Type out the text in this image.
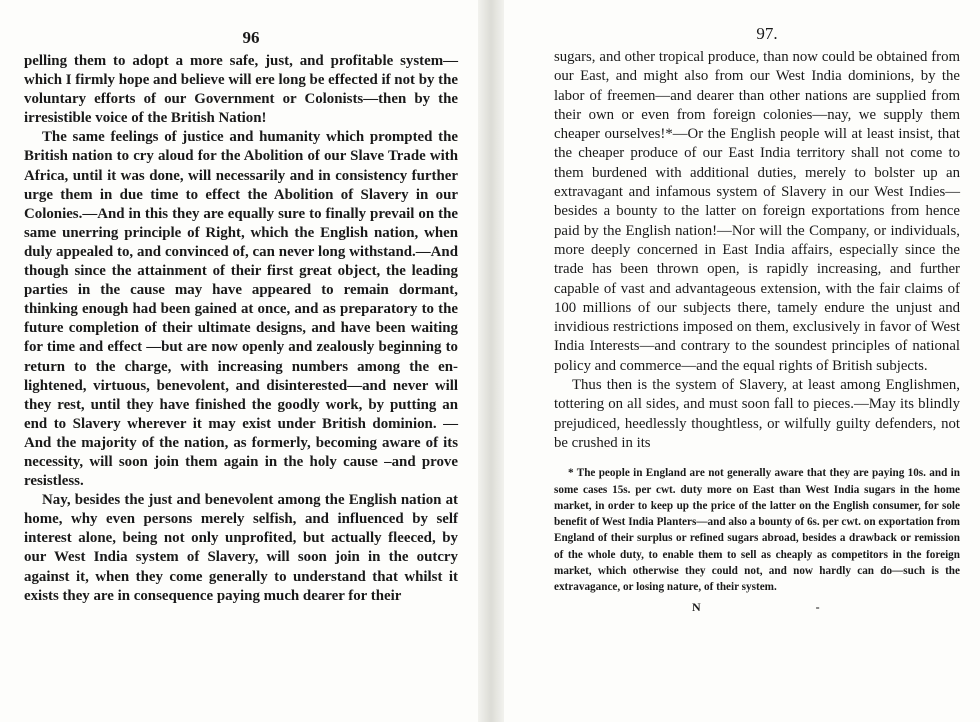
96

pelling them to adopt a more safe, just, and profitable system—which I firmly hope and believe will ere long be effected if not by the voluntary efforts of our Government or Colonists—then by the irresistible voice of the British Nation!

The same feelings of justice and humanity which prompted the British nation to cry aloud for the Abolition of our Slave Trade with Africa, until it was done, will necessarily and in consistency further urge them in due time to effect the Abolition of Slavery in our Colonies.—And in this they are equally sure to finally prevail on the same unerring principle of Right, which the English nation, when duly appealed to, and convinced of, can never long withstand.—And though since the attainment of their first great object, the leading parties in the cause may have appeared to remain dormant, thinking enough had been gained at once, and as preparatory to the future completion of their ultimate designs, and have been waiting for time and effect —but are now openly and zealously beginning to return to the charge, with increasing numbers among the enlightened, virtuous, benevolent, and disinterested—and never will they rest, until they have finished the goodly work, by putting an end to Slavery wherever it may exist under British dominion. — And the majority of the nation, as formerly, becoming aware of its necessity, will soon join them again in the holy cause –and prove resistless.

Nay, besides the just and benevolent among the English nation at home, why even persons merely selfish, and influenced by self interest alone, being not only unprofited, but actually fleeced, by our West India system of Slavery, will soon join in the outcry against it, when they come generally to understand that whilst it exists they are in consequence paying much dearer for their

97.

sugars, and other tropical produce, than now could be obtained from our East, and might also from our West India dominions, by the labor of freemen—and dearer than other nations are supplied from their own or even from foreign colonies—nay, we supply them cheaper ourselves!*—Or the English people will at least insist, that the cheaper produce of our East India territory shall not come to them burdened with additional duties, merely to bolster up an extravagant and infamous system of Slavery in our West Indies—besides a bounty to the latter on foreign exportations from hence paid by the English nation!—Nor will the Company, or individuals, more deeply concerned in East India affairs, especially since the trade has been thrown open, is rapidly increasing, and further capable of vast and advantageous extension, with the fair claims of 100 millions of our subjects there, tamely endure the unjust and invidious restrictions imposed on them, exclusively in favor of West India Interests—and contrary to the soundest principles of national policy and commerce—and the equal rights of British subjects.

Thus then is the system of Slavery, at least among Englishmen, tottering on all sides, and must soon fall to pieces.—May its blindly prejudiced, heedlessly thoughtless, or wilfully guilty defenders, not be crushed in its

* The people in England are not generally aware that they are paying 10s. and in some cases 15s. per cwt. duty more on East than West India sugars in the home market, in order to keep up the price of the latter on the English consumer, for sole benefit of West India Planters—and also a bounty of 6s. per cwt. on exportation from England of their surplus or refined sugars abroad, besides a drawback or remission of the whole duty, to enable them to sell as cheaply as competitors in the foreign market, which otherwise they could not, and now hardly can do—such is the extravagance, or losing nature, of their system.

N	-
